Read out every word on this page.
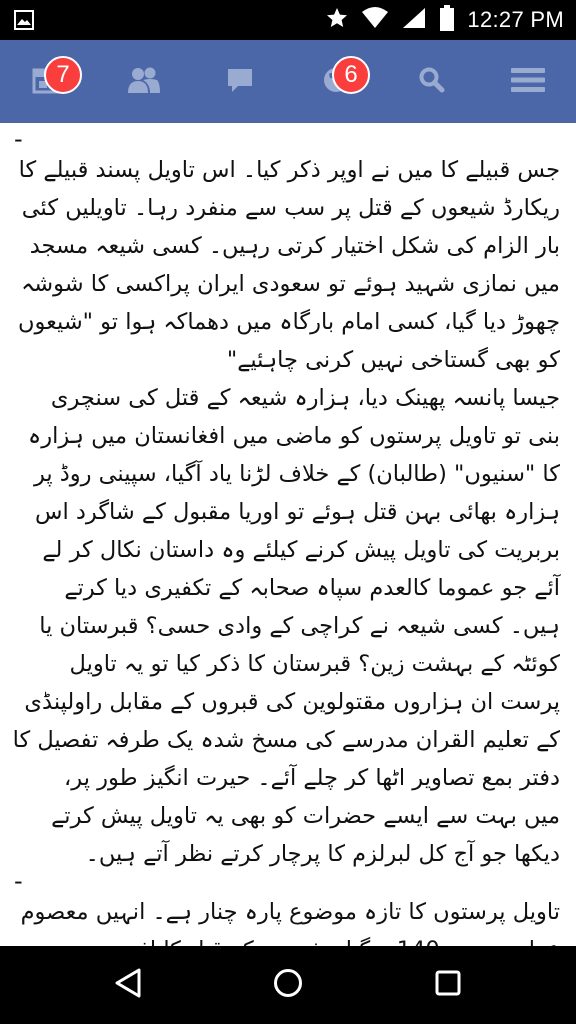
12:27 PM
7	6
-
جس قبیلے کا میں نے اوپر ذکر کیا۔ اس تاویل پسند قبیلے کا
ریکارڈ شیعوں کے قتل پر سب سے منفرد رہا۔ تاویلیں کئی
بار الزام کی شکل اختیار کرتی رہیں۔ کسی شیعہ مسجد
میں نمازی شہید ہوئے تو سعودی ایران پراکسی کا شوشہ
چھوڑ دیا گیا، کسی امام بارگاہ میں دھماکہ ہوا تو "شیعوں
کو بھی گستاخی نہیں کرنی چاہئیے"
جیسا پانسہ پھینک دیا، ہزارہ شیعہ کے قتل کی سنچری
بنی تو تاویل پرستوں کو ماضی میں افغانستان میں ہزارہ
کا "سنیوں" (طالبان) کے خلاف لڑنا یاد آگیا، سپینی روڈ پر
ہزارہ بھائی بہن قتل ہوئے تو اوریا مقبول کے شاگرد اس
بربریت کی تاویل پیش کرنے کیلئے وہ داستان نکال کر لے
آئے جو عموما کالعدم سپاہ صحابہ کے تکفیری دیا کرتے
ہیں۔ کسی شیعہ نے کراچی کے وادی حسی؟ قبرستان یا
کوئٹہ کے بہشت زین؟ قبرستان کا ذکر کیا تو یہ تاویل
پرست ان ہزاروں مقتولوین کی قبروں کے مقابل راولپنڈی
کے تعلیم القران مدرسے کی مسخ شدہ یک طرفہ تفصیل کا
دفتر بمع تصاویر اٹھا کر چلے آئے۔ حیرت انگیز طور پر،
میں بہت سے ایسے حضرات کو بھی یہ تاویل پیش کرتے
دیکھا جو آج کل لبرلزم کا پرچار کرتے نظر آتے ہیں۔
-
تاویل پرستوں کا تازہ موضوع پارہ چنار ہے۔ انہیں معصوم
